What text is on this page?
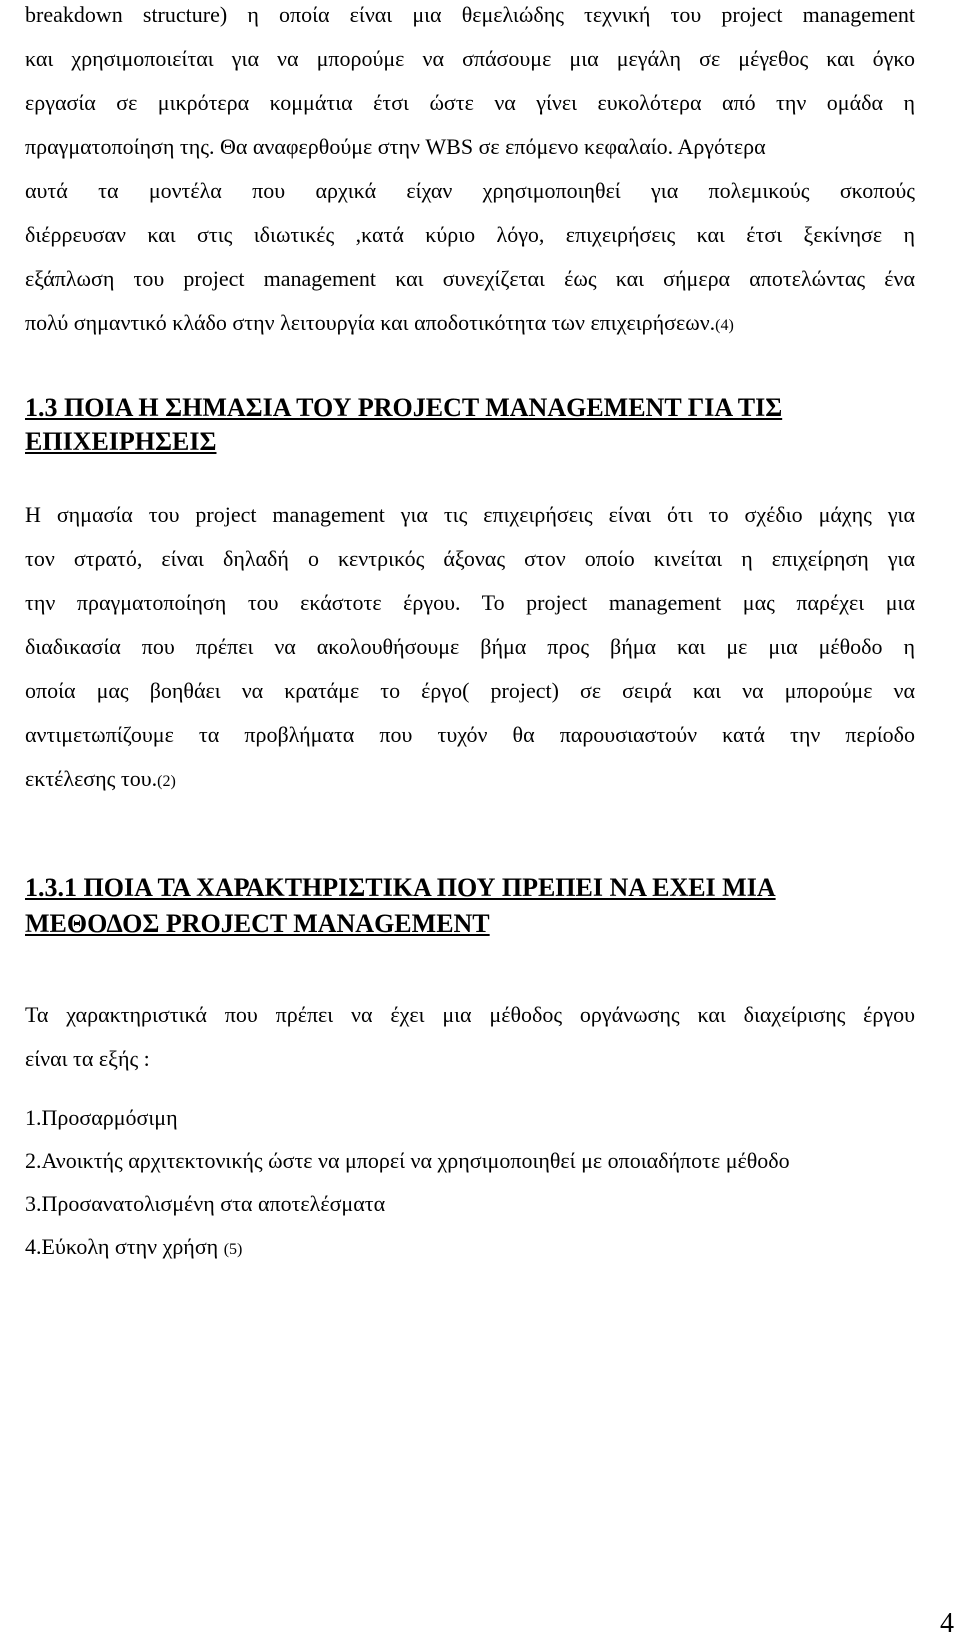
breakdown structure) η οποία είναι μια θεμελιώδης τεχνική του project management

και χρησιμοποιείται για να μπορούμε να σπάσουμε μια μεγάλη σε μέγεθος και όγκο

εργασία σε μικρότερα κομμάτια έτσι ώστε να γίνει ευκολότερα από την ομάδα η

πραγματοποίηση της. Θα αναφερθούμε στην WBS σε επόμενο κεφαλαίο. Αργότερα

αυτά τα μοντέλα που αρχικά είχαν χρησιμοποιηθεί για πολεμικούς σκοπούς

διέρρευσαν και στις ιδιωτικές ,κατά κύριο λόγο, επιχειρήσεις και έτσι ξεκίνησε η

εξάπλωση του project management και συνεχίζεται έως και σήμερα αποτελώντας ένα

πολύ σημαντικό κλάδο στην λειτουργία και αποδοτικότητα των επιχειρήσεων.(4)

1.3 ΠΟΙΑ Η ΣΗΜΑΣΙΑ ΤΟΥ PROJECT MANAGEMENT ΓΙΑ ΤΙΣ
ΕΠΙΧΕΙΡΗΣΕΙΣ

Η σημασία του project management για τις επιχειρήσεις είναι ότι το σχέδιο μάχης για

τον στρατό, είναι δηλαδή ο κεντρικός άξονας στον οποίο κινείται η επιχείρηση για

την πραγματοποίηση του εκάστοτε έργου. Το project management μας παρέχει μια

διαδικασία που πρέπει να ακολουθήσουμε βήμα προς βήμα και με μια μέθοδο η

οποία μας βοηθάει να κρατάμε το έργο( project) σε σειρά και να μπορούμε να

αντιμετωπίζουμε τα προβλήματα που τυχόν θα παρουσιαστούν κατά την περίοδο

εκτέλεσης του.(2)

1.3.1 ΠΟΙΑ ΤΑ ΧΑΡΑΚΤΗΡΙΣΤΙΚΑ ΠΟΥ ΠΡΕΠΕΙ ΝΑ ΕΧΕΙ ΜΙΑ
ΜΕΘΟΔΟΣ PROJECT MANAGEMENT

Τα χαρακτηριστικά που πρέπει να έχει μια μέθοδος οργάνωσης και διαχείρισης έργου

είναι τα εξής :

1.Προσαρμόσιμη

2.Ανοικτής αρχιτεκτονικής ώστε να μπορεί να χρησιμοποιηθεί με οποιαδήποτε μέθοδο

3.Προσανατολισμένη στα αποτελέσματα

4.Εύκολη στην χρήση (5)

4
